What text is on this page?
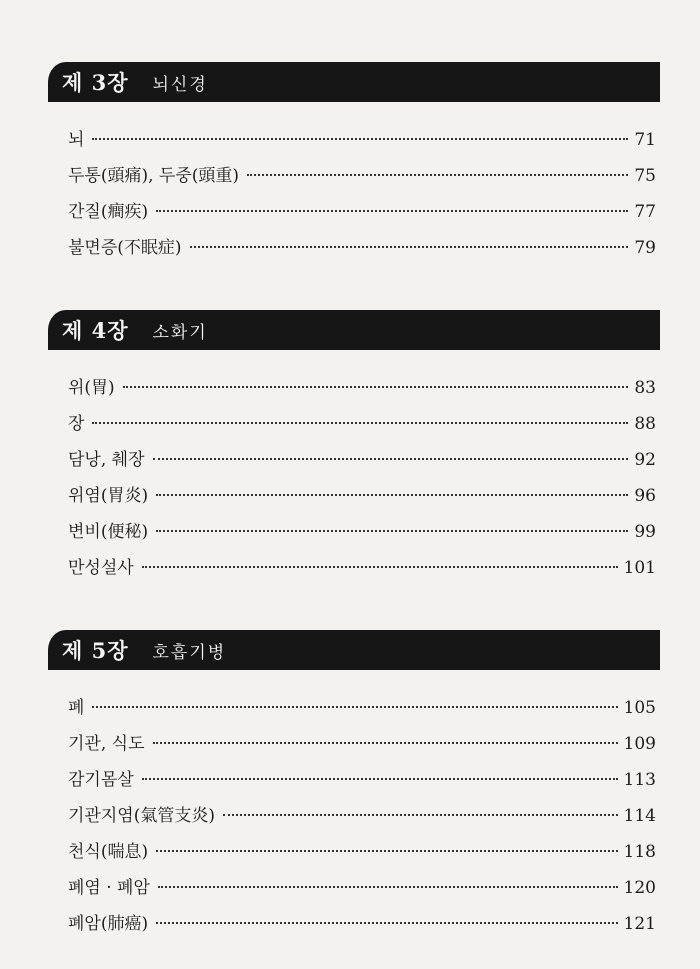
제 3장 뇌신경
뇌	71
두통(頭痛), 두중(頭重)	75
간질(癎疾)	77
불면증(不眠症)	79
제 4장 소화기
위(胃)	83
장	88
담낭, 췌장	92
위염(胃炎)	96
변비(便秘)	99
만성설사	101
제 5장 호흡기병
폐	105
기관, 식도	109
감기몸살	113
기관지염(氣管支炎)	114
천식(喘息)	118
폐염 · 폐암	120
폐암(肺癌)	121
